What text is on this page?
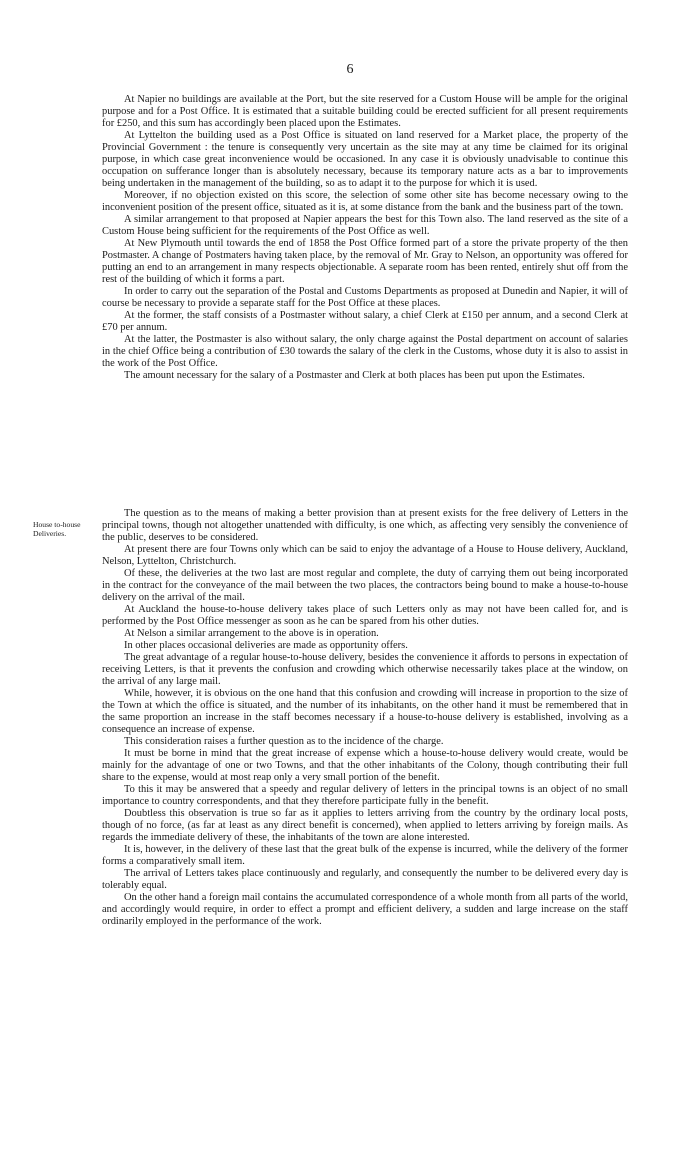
6

At Napier no buildings are available at the Port, but the site reserved for a Custom House will be ample for the original purpose and for a Post Office. It is estimated that a suitable building could be erected sufficient for all present requirements for £250, and this sum has accordingly been placed upon the Estimates.

At Lyttelton the building used as a Post Office is situated on land reserved for a Market place, the property of the Provincial Government : the tenure is consequently very uncertain as the site may at any time be claimed for its original purpose, in which case great inconvenience would be occasioned. In any case it is obviously unadvisable to continue this occupation on sufferance longer than is absolutely necessary, because its temporary nature acts as a bar to improvements being undertaken in the management of the building, so as to adapt it to the purpose for which it is used.

Moreover, if no objection existed on this score, the selection of some other site has become necessary owing to the inconvenient position of the present office, situated as it is, at some distance from the bank and the business part of the town.

A similar arrangement to that proposed at Napier appears the best for this Town also. The land reserved as the site of a Custom House being sufficient for the requirements of the Post Office as well.

At New Plymouth until towards the end of 1858 the Post Office formed part of a store the private property of the then Postmaster. A change of Postmaters having taken place, by the removal of Mr. Gray to Nelson, an opportunity was offered for putting an end to an arrangement in many respects objectionable. A separate room has been rented, entirely shut off from the rest of the building of which it forms a part.

In order to carry out the separation of the Postal and Customs Departments as proposed at Dunedin and Napier, it will of course be necessary to provide a separate staff for the Post Office at these places.

At the former, the staff consists of a Postmaster without salary, a chief Clerk at £150 per annum, and a second Clerk at £70 per annum.

At the latter, the Postmaster is also without salary, the only charge against the Postal department on account of salaries in the chief Office being a contribution of £30 towards the salary of the clerk in the Customs, whose duty it is also to assist in the work of the Post Office.

The amount necessary for the salary of a Postmaster and Clerk at both places has been put upon the Estimates.

House to-house
Deliveries.

The question as to the means of making a better provision than at present exists for the free delivery of Letters in the principal towns, though not altogether unattended with difficulty, is one which, as affecting very sensibly the convenience of the public, deserves to be considered.

At present there are four Towns only which can be said to enjoy the advantage of a House to House delivery, Auckland, Nelson, Lyttelton, Christchurch.

Of these, the deliveries at the two last are most regular and complete, the duty of carrying them out being incorporated in the contract for the conveyance of the mail between the two places, the contractors being bound to make a house-to-house delivery on the arrival of the mail.

At Auckland the house-to-house delivery takes place of such Letters only as may not have been called for, and is performed by the Post Office messenger as soon as he can be spared from his other duties.

At Nelson a similar arrangement to the above is in operation.

In other places occasional deliveries are made as opportunity offers.

The great advantage of a regular house-to-house delivery, besides the convenience it affords to persons in expectation of receiving Letters, is that it prevents the confusion and crowding which otherwise necessarily takes place at the window, on the arrival of any large mail.

While, however, it is obvious on the one hand that this confusion and crowding will increase in proportion to the size of the Town at which the office is situated, and the number of its inhabitants, on the other hand it must be remembered that in the same proportion an increase in the staff becomes necessary if a house-to-house delivery is established, involving as a consequence an increase of expense.

This consideration raises a further question as to the incidence of the charge.

It must be borne in mind that the great increase of expense which a house-to-house delivery would create, would be mainly for the advantage of one or two Towns, and that the other inhabitants of the Colony, though contributing their full share to the expense, would at most reap only a very small portion of the benefit.

To this it may be answered that a speedy and regular delivery of letters in the principal towns is an object of no small importance to country correspondents, and that they therefore participate fully in the benefit.

Doubtless this observation is true so far as it applies to letters arriving from the country by the ordinary local posts, though of no force, (as far at least as any direct benefit is concerned), when applied to letters arriving by foreign mails. As regards the immediate delivery of these, the inhabitants of the town are alone interested.

It is, however, in the delivery of these last that the great bulk of the expense is incurred, while the delivery of the former forms a comparatively small item.

The arrival of Letters takes place continuously and regularly, and consequently the number to be delivered every day is tolerably equal.

On the other hand a foreign mail contains the accumulated correspondence of a whole month from all parts of the world, and accordingly would require, in order to effect a prompt and efficient delivery, a sudden and large increase on the staff ordinarily employed in the performance of the work.
